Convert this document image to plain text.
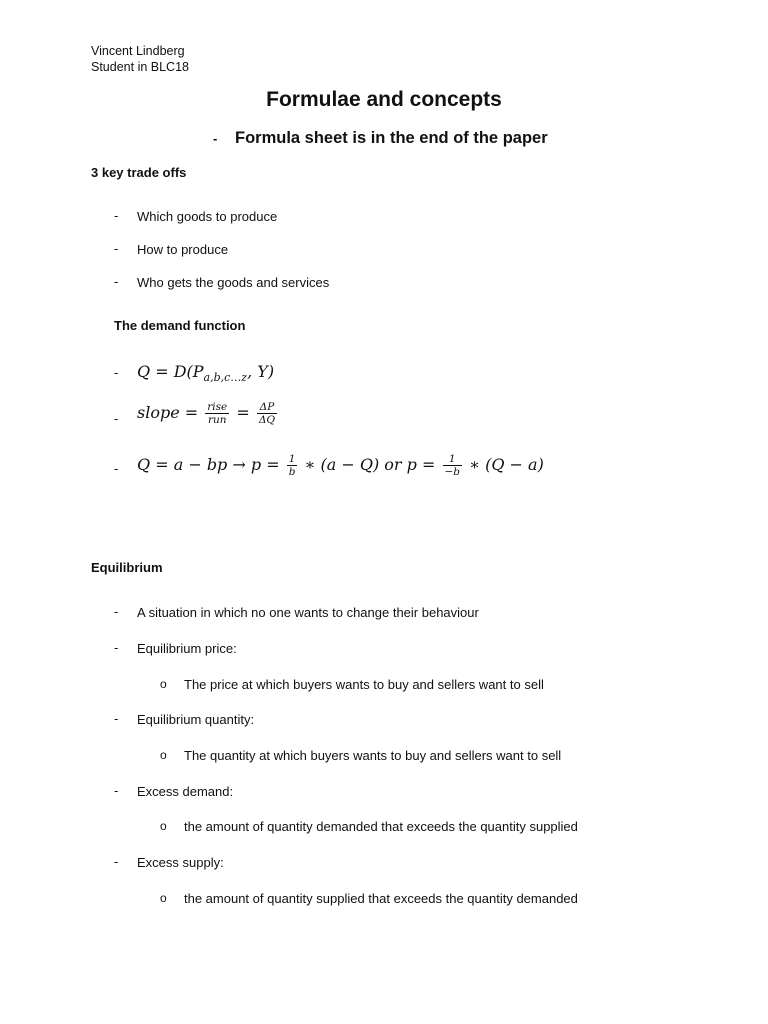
Vincent Lindberg
Student in BLC18
Formulae and concepts
- Formula sheet is in the end of the paper
3 key trade offs
- Which goods to produce
- How to produce
- Who gets the goods and services
The demand function
- $Q = D(P_{a,b,c\dots z}$, Y)
- slope = $\frac{\text{rise}}{\text{run}} = \frac{\Delta P}{\Delta Q}$
- Q = a − bp → $p = \frac{1}{b}$ ∗ (a − Q) or $p = \frac{1}{-b}$ ∗ (Q − a)
Equilibrium
- A situation in which no one wants to change their behaviour
- Equilibrium price:
o The price at which buyers wants to buy and sellers want to sell
- Equilibrium quantity:
o The quantity at which buyers wants to buy and sellers want to sell
- Excess demand:
o the amount of quantity demanded that exceeds the quantity supplied
- Excess supply:
o the amount of quantity supplied that exceeds the quantity demanded
